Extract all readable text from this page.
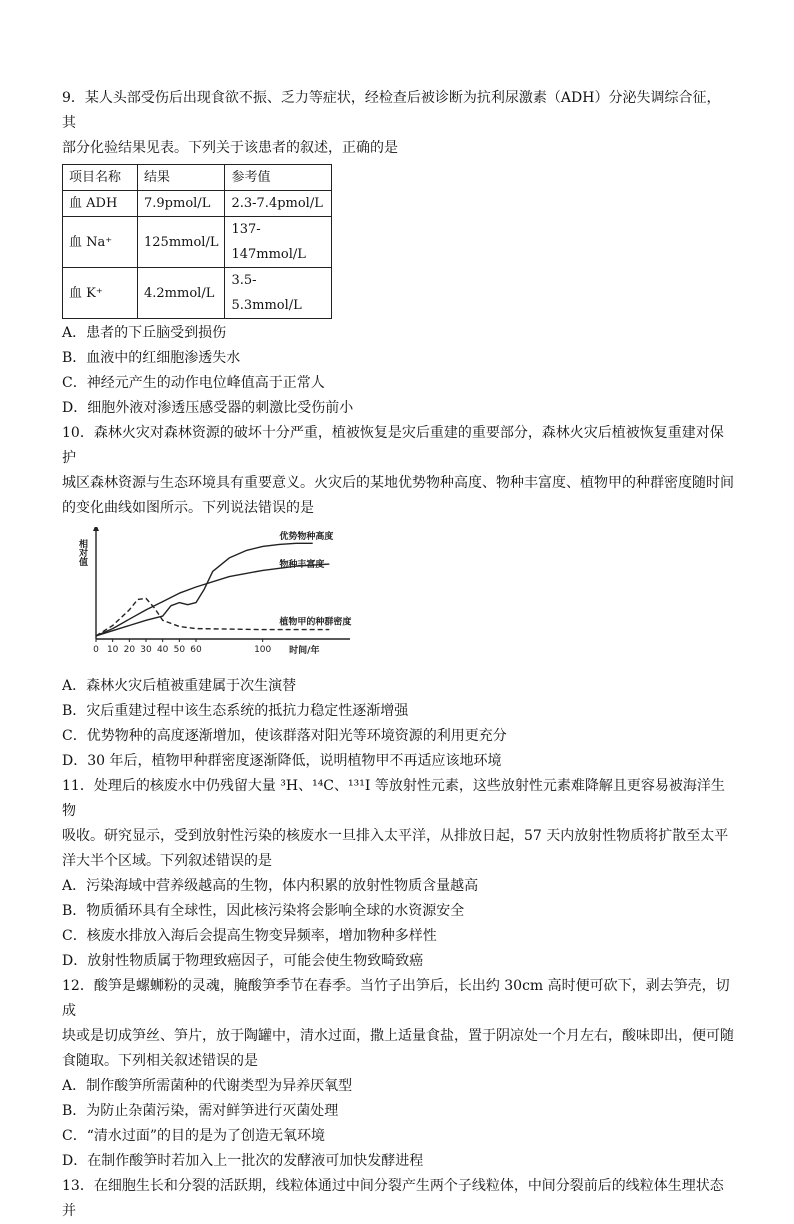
9．某人头部受伤后出现食欲不振、乏力等症状，经检查后被诊断为抗利尿激素（ADH）分泌失调综合征，其

部分化验结果见表。下列关于该患者的叙述，正确的是

项目名称	结果	参考值
血 ADH	7.9pmol/L	2.3-7.4pmol/L
血 Na⁺	125mmol/L	137-147mmol/L
血 K⁺	4.2mmol/L	3.5-5.3mmol/L

A．患者的下丘脑受到损伤

B．血液中的红细胞渗透失水

C．神经元产生的动作电位峰值高于正常人

D．细胞外液对渗透压感受器的刺激比受伤前小

10．森林火灾对森林资源的破坏十分严重，植被恢复是灾后重建的重要部分，森林火灾后植被恢复重建对保护

城区森林资源与生态环境具有重要意义。火灾后的某地优势物种高度、物种丰富度、植物甲的种群密度随时间

的变化曲线如图所示。下列说法错误的是

相对值
0 10 20 30 40 50 60	100 时间/年
优势物种高度
物种丰富度
植物甲的种群密度

A．森林火灾后植被重建属于次生演替

B．灾后重建过程中该生态系统的抵抗力稳定性逐渐增强

C．优势物种的高度逐渐增加，使该群落对阳光等环境资源的利用更充分

D．30 年后，植物甲种群密度逐渐降低，说明植物甲不再适应该地环境

11．处理后的核废水中仍残留大量 ³H、¹⁴C、¹³¹I 等放射性元素，这些放射性元素难降解且更容易被海洋生物

吸收。研究显示，受到放射性污染的核废水一旦排入太平洋，从排放日起，57 天内放射性物质将扩散至太平

洋大半个区域。下列叙述错误的是

A．污染海域中营养级越高的生物，体内积累的放射性物质含量越高

B．物质循环具有全球性，因此核污染将会影响全球的水资源安全

C．核废水排放入海后会提高生物变异频率，增加物种多样性

D．放射性物质属于物理致癌因子，可能会使生物致畸致癌

12．酸笋是螺蛳粉的灵魂，腌酸笋季节在春季。当竹子出笋后，长出约 30cm 高时便可砍下，剥去笋壳，切成

块或是切成笋丝、笋片，放于陶罐中，清水过面，撒上适量食盐，置于阴凉处一个月左右，酸味即出，便可随

食随取。下列相关叙述错误的是

A．制作酸笋所需菌种的代谢类型为异养厌氧型

B．为防止杂菌污染，需对鲜笋进行灭菌处理

C．“清水过面”的目的是为了创造无氧环境

D．在制作酸笋时若加入上一批次的发酵液可加快发酵进程

13．在细胞生长和分裂的活跃期，线粒体通过中间分裂产生两个子线粒体，中间分裂前后的线粒体生理状态并
